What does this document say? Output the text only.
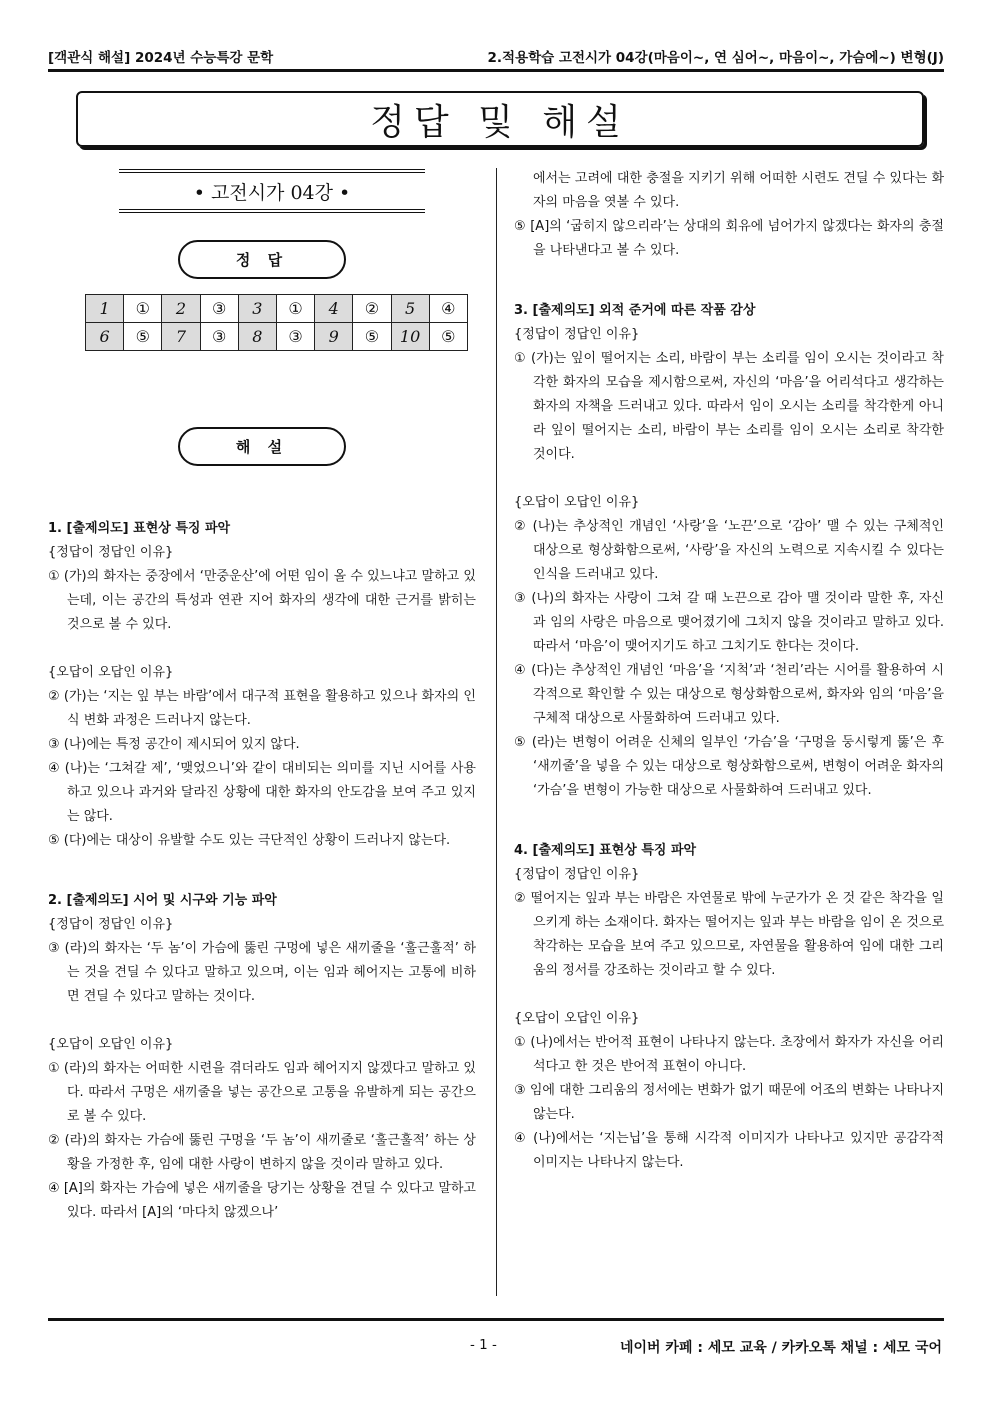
[객관식 해설] 2024년 수능특강 문학	2.적용학습 고전시가 04강(마음이~, 연 심어~, 마음이~, 가슴에~) 변형(J)
정답 및 해설
• 고전시가 04강 •
정 답
1	①	2	③	3	①	4	②	5	④
6	⑤	7	③	8	③	9	⑤	10	⑤
해 설
1. [출제의도] 표현상 특징 파악
{정답이 정답인 이유}
① (가)의 화자는 중장에서 ‘만중운산’에 어떤 임이 올 수 있느냐고 말하고 있는데, 이는 공간의 특성과 연관 지어 화자의 생각에 대한 근거를 밝히는 것으로 볼 수 있다.
{오답이 오답인 이유}
② (가)는 ‘지는 잎 부는 바람’에서 대구적 표현을 활용하고 있으나 화자의 인식 변화 과정은 드러나지 않는다.
③ (나)에는 특정 공간이 제시되어 있지 않다.
④ (나)는 ‘그쳐갈 제’, ‘맺었으니’와 같이 대비되는 의미를 지닌 시어를 사용하고 있으나 과거와 달라진 상황에 대한 화자의 안도감을 보여 주고 있지는 않다.
⑤ (다)에는 대상이 유발할 수도 있는 극단적인 상황이 드러나지 않는다.
2. [출제의도] 시어 및 시구와 기능 파악
{정답이 정답인 이유}
③ (라)의 화자는 ‘두 놈’이 가슴에 뚫린 구멍에 넣은 새끼줄을 ‘훌근훌적’ 하는 것을 견딜 수 있다고 말하고 있으며, 이는 임과 헤어지는 고통에 비하면 견딜 수 있다고 말하는 것이다.
{오답이 오답인 이유}
① (라)의 화자는 어떠한 시련을 겪더라도 임과 헤어지지 않겠다고 말하고 있다. 따라서 구멍은 새끼줄을 넣는 공간으로 고통을 유발하게 되는 공간으로 볼 수 있다.
② (라)의 화자는 가슴에 뚫린 구멍을 ‘두 놈’이 새끼줄로 ‘훌근훌적’ 하는 상황을 가정한 후, 임에 대한 사랑이 변하지 않을 것이라 말하고 있다.
④ [A]의 화자는 가슴에 넣은 새끼줄을 당기는 상황을 견딜 수 있다고 말하고 있다. 따라서 [A]의 ‘마다치 않겠으나’
에서는 고려에 대한 충절을 지키기 위해 어떠한 시련도 견딜 수 있다는 화자의 마음을 엿볼 수 있다.
⑤ [A]의 ‘굽히지 않으리라’는 상대의 회유에 넘어가지 않겠다는 화자의 충절을 나타낸다고 볼 수 있다.
3. [출제의도] 외적 준거에 따른 작품 감상
{정답이 정답인 이유}
① (가)는 잎이 떨어지는 소리, 바람이 부는 소리를 임이 오시는 것이라고 착각한 화자의 모습을 제시함으로써, 자신의 ‘마음’을 어리석다고 생각하는 화자의 자책을 드러내고 있다. 따라서 임이 오시는 소리를 착각한게 아니라 잎이 떨어지는 소리, 바람이 부는 소리를 임이 오시는 소리로 착각한 것이다.
{오답이 오답인 이유}
② (나)는 추상적인 개념인 ‘사랑’을 ‘노끈’으로 ‘감아’ 맬 수 있는 구체적인 대상으로 형상화함으로써, ‘사랑’을 자신의 노력으로 지속시킬 수 있다는 인식을 드러내고 있다.
③ (나)의 화자는 사랑이 그쳐 갈 때 노끈으로 감아 맬 것이라 말한 후, 자신과 임의 사랑은 마음으로 맺어졌기에 그치지 않을 것이라고 말하고 있다. 따라서 ‘마음’이 맺어지기도 하고 그치기도 한다는 것이다.
④ (다)는 추상적인 개념인 ‘마음’을 ‘지척’과 ‘천리’라는 시어를 활용하여 시각적으로 확인할 수 있는 대상으로 형상화함으로써, 화자와 임의 ‘마음’을 구체적 대상으로 사물화하여 드러내고 있다.
⑤ (라)는 변형이 어려운 신체의 일부인 ‘가슴’을 ‘구멍을 둥시렇게 뚫’은 후 ‘새끼줄’을 넣을 수 있는 대상으로 형상화함으로써, 변형이 어려운 화자의 ‘가슴’을 변형이 가능한 대상으로 사물화하여 드러내고 있다.
4. [출제의도] 표현상 특징 파악
{정답이 정답인 이유}
② 떨어지는 잎과 부는 바람은 자연물로 밖에 누군가가 온 것 같은 착각을 일으키게 하는 소재이다. 화자는 떨어지는 잎과 부는 바람을 임이 온 것으로 착각하는 모습을 보여 주고 있으므로, 자연물을 활용하여 임에 대한 그리움의 정서를 강조하는 것이라고 할 수 있다.
{오답이 오답인 이유}
① (나)에서는 반어적 표현이 나타나지 않는다. 초장에서 화자가 자신을 어리석다고 한 것은 반어적 표현이 아니다.
③ 임에 대한 그리움의 정서에는 변화가 없기 때문에 어조의 변화는 나타나지 않는다.
④ (나)에서는 ‘지는닙’을 통해 시각적 이미지가 나타나고 있지만 공감각적 이미지는 나타나지 않는다.
- 1 -	네이버 카페 : 세모 교육 / 카카오톡 채널 : 세모 국어
